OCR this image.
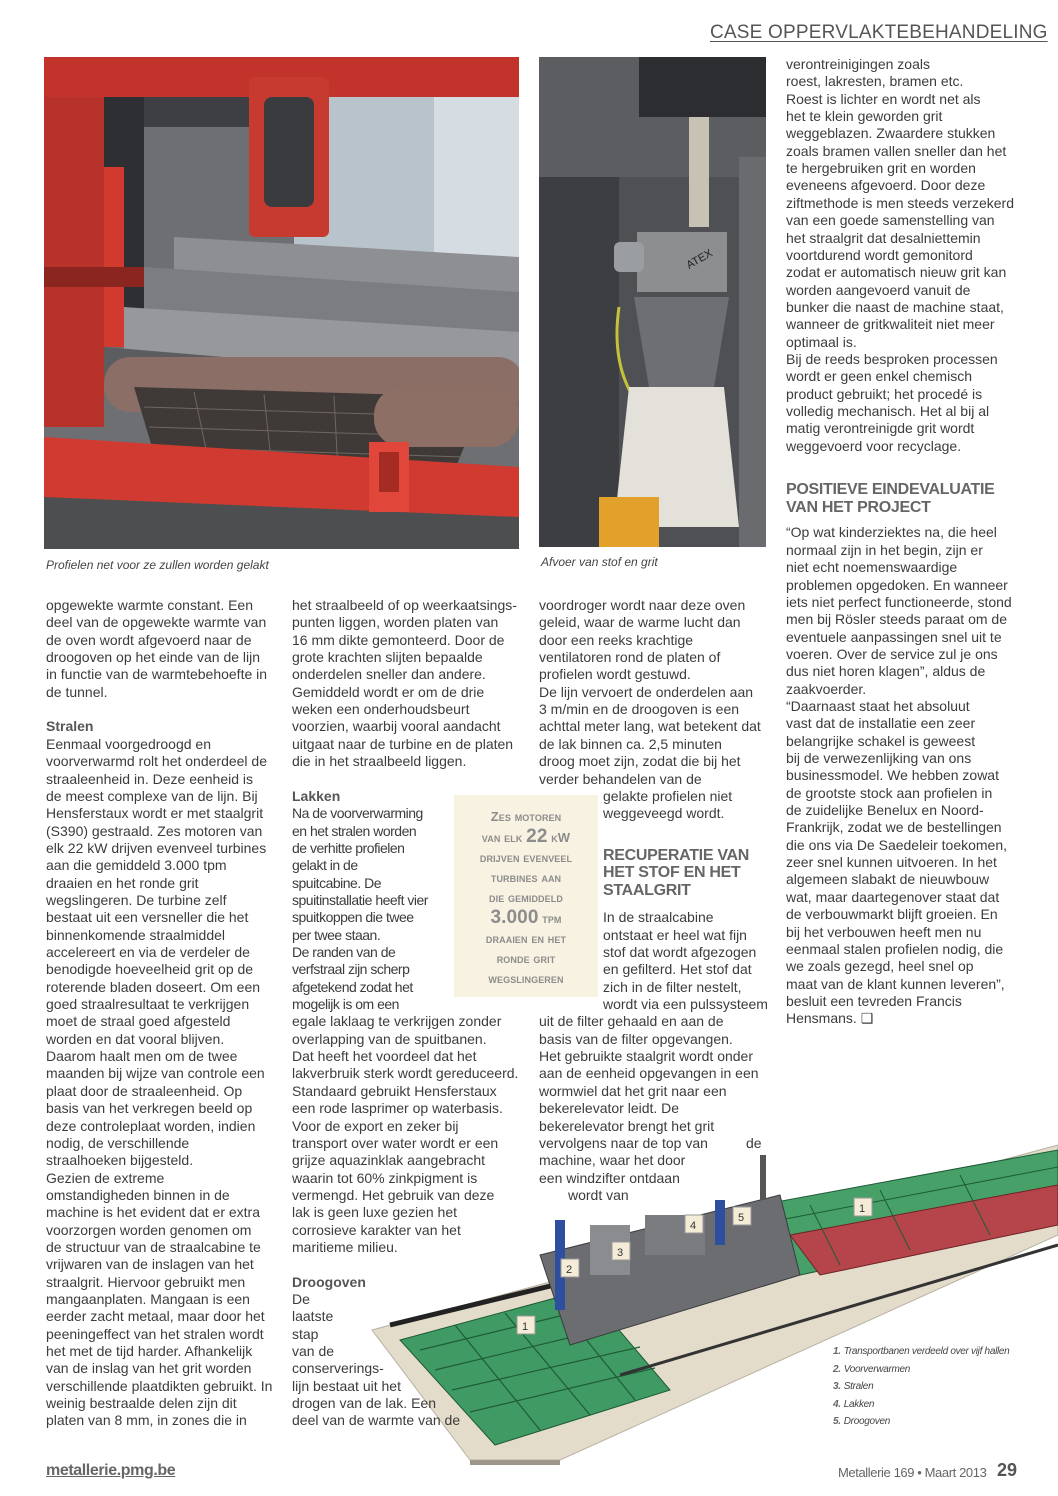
CASE OPPERVLAKTEBEHANDELING
Profielen net voor ze zullen worden gelakt
ATEX
Afvoer van stof en grit
opgewekte warmte constant. Een
deel van de opgewekte warmte van
de oven wordt afgevoerd naar de
droogoven op het einde van de lijn
in functie van de warmtebehoefte in
de tunnel.
Stralen
Eenmaal voorgedroogd en
voorverwarmd rolt het onderdeel de
straaleenheid in. Deze eenheid is
de meest complexe van de lijn. Bij
Hensferstaux wordt er met staalgrit
(S390) gestraald. Zes motoren van
elk 22 kW drijven evenveel turbines
aan die gemiddeld 3.000 tpm
draaien en het ronde grit
wegslingeren. De turbine zelf
bestaat uit een versneller die het
binnenkomende straalmiddel
accelereert en via de verdeler de
benodigde hoeveelheid grit op de
roterende bladen doseert. Om een
goed straalresultaat te verkrijgen
moet de straal goed afgesteld
worden en dat vooral blijven.
Daarom haalt men om de twee
maanden bij wijze van controle een
plaat door de straaleenheid. Op
basis van het verkregen beeld op
deze controleplaat worden, indien
nodig, de verschillende
straalhoeken bijgesteld.
Gezien de extreme
omstandigheden binnen in de
machine is het evident dat er extra
voorzorgen worden genomen om
de structuur van de straalcabine te
vrijwaren van de inslagen van het
straalgrit. Hiervoor gebruikt men
mangaanplaten. Mangaan is een
eerder zacht metaal, maar door het
peeningeffect van het stralen wordt
het met de tijd harder. Afhankelijk
van de inslag van het grit worden
verschillende plaatdikten gebruikt. In
weinig bestraalde delen zijn dit
platen van 8 mm, in zones die in
het straalbeeld of op weerkaatsings-
punten liggen, worden platen van
16 mm dikte gemonteerd. Door de
grote krachten slijten bepaalde
onderdelen sneller dan andere.
Gemiddeld wordt er om de drie
weken een onderhoudsbeurt
voorzien, waarbij vooral aandacht
uitgaat naar de turbine en de platen
die in het straalbeeld liggen.
Lakken
Na de voorverwarming
en het stralen worden
de verhitte profielen
gelakt in de
spuitcabine. De
spuitinstallatie heeft vier
spuitkoppen die twee
per twee staan.
De randen van de
verfstraal zijn scherp
afgetekend zodat het
mogelijk is om een
egale laklaag te verkrijgen zonder
overlapping van de spuitbanen.
Dat heeft het voordeel dat het
lakverbruik sterk wordt gereduceerd.
Standaard gebruikt Hensferstaux
een rode lasprimer op waterbasis.
Voor de export en zeker bij
transport over water wordt er een
grijze aquazinklak aangebracht
waarin tot 60% zinkpigment is
vermengd. Het gebruik van deze
lak is geen luxe gezien het
corrosieve karakter van het
maritieme milieu.
Droogoven
De
laatste
stap
van de
conserverings-
lijn bestaat uit het
drogen van de lak. Een
deel van de warmte van de
voordroger wordt naar deze oven
geleid, waar de warme lucht dan
door een reeks krachtige
ventilatoren rond de platen of
profielen wordt gestuwd.
De lijn vervoert de onderdelen aan
3 m/min en de droogoven is een
achttal meter lang, wat betekent dat
de lak binnen ca. 2,5 minuten
droog moet zijn, zodat die bij het
verder behandelen van de
gelakte profielen niet
weggeveegd wordt.
RECUPERATIE VAN
HET STOF EN HET
STAALGRIT
In de straalcabine
ontstaat er heel wat fijn
stof dat wordt afgezogen
en gefilterd. Het stof dat
zich in de filter nestelt,
wordt via een pulssysteem
uit de filter gehaald en aan de
basis van de filter opgevangen.
Het gebruikte staalgrit wordt onder
aan de eenheid opgevangen in een
wormwiel dat het grit naar een
bekerelevator leidt. De
bekerelevator brengt het grit
vervolgens naar de top van
machine, waar het door
een windzifter ontdaan
wordt van
verontreinigingen zoals
roest, lakresten, bramen etc.
Roest is lichter en wordt net als
het te klein geworden grit
weggeblazen. Zwaardere stukken
zoals bramen vallen sneller dan het
te hergebruiken grit en worden
eveneens afgevoerd. Door deze
ziftmethode is men steeds verzekerd
van een goede samenstelling van
het straalgrit dat desalniettemin
voortdurend wordt gemonitord
zodat er automatisch nieuw grit kan
worden aangevoerd vanuit de
bunker die naast de machine staat,
wanneer de gritkwaliteit niet meer
optimaal is.
Bij de reeds besproken processen
wordt er geen enkel chemisch
product gebruikt; het procedé is
volledig mechanisch. Het al bij al
matig verontreinigde grit wordt
weggevoerd voor recyclage.
POSITIEVE EINDEVALUATIE
VAN HET PROJECT
“Op wat kinderziektes na, die heel
normaal zijn in het begin, zijn er
niet echt noemenswaardige
problemen opgedoken. En wanneer
iets niet perfect functioneerde, stond
men bij Rösler steeds paraat om de
eventuele aanpassingen snel uit te
voeren. Over de service zul je ons
dus niet horen klagen”, aldus de
zaakvoerder.
“Daarnaast staat het absoluut
vast dat de installatie een zeer
belangrijke schakel is geweest
bij de verwezenlijking van ons
businessmodel. We hebben zowat
de grootste stock aan profielen in
de zuidelijke Benelux en Noord-
Frankrijk, zodat we de bestellingen
die ons via De Saedeleir toekomen,
zeer snel kunnen uitvoeren. In het
algemeen slabakt de nieuwbouw
wat, maar daartegenover staat dat
de verbouwmarkt blijft groeien. En
bij het verbouwen heeft men nu
eenmaal stalen profielen nodig, die
we zoals gezegd, heel snel op
maat van de klant kunnen leveren”,
besluit een tevreden Francis
Hensmans. ❑
de
Zes motoren
van elk 22 kW
drijven evenveel
turbines aan
die gemiddeld
3.000 tpm
draaien en het
ronde grit
wegslingeren
1
2
3
4
5
1
1. Transportbanen verdeeld over vijf hallen
2. Voorverwarmen
3. Stralen
4. Lakken
5. Droogoven
metallerie.pmg.be	Metallerie 169 • Maart 2013 29
